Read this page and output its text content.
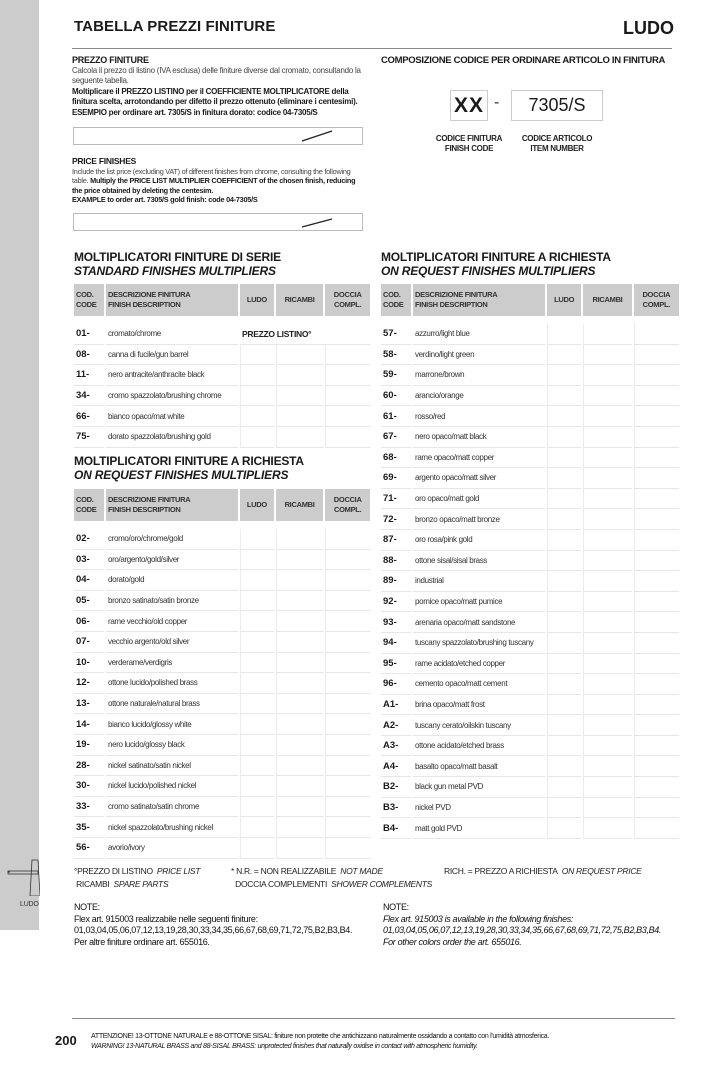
LUDO
TABELLA PREZZI FINITURE	LUDO
PREZZO FINITURE
Calcola il prezzo di listino (IVA esclusa) delle finiture diverse dal cromato, consultando la seguente tabella.
Moltiplicare il PREZZO LISTINO per il COEFFICIENTE MOLTIPLICATORE della finitura scelta, arrotondando per difetto il prezzo ottenuto (eliminare i centesimi).
ESEMPIO per ordinare art. 7305/S in finitura dorato: codice 04-7305/S
PRICE FINISHES
Include the list price (excluding VAT) of different finishes from chrome, consulting the following table. Multiply the PRICE LIST MULTIPLIER COEFFICIENT of the chosen finish, reducing the price obtained by deleting the centesim.
EXAMPLE to order art. 7305/S gold finish: code 04-7305/S
COMPOSIZIONE CODICE PER ORDINARE ARTICOLO IN FINITURA
XX -	7305/S
CODICE FINITURA
FINISH CODE
CODICE ARTICOLO
ITEM NUMBER
MOLTIPLICATORI FINITURE DI SERIE
STANDARD FINISHES MULTIPLIERS
MOLTIPLICATORI FINITURE A RICHIESTA
ON REQUEST FINISHES MULTIPLIERS
MOLTIPLICATORI FINITURE A RICHIESTA
ON REQUEST FINISHES MULTIPLIERS
COD.
CODE

DESCRIZIONE FINITURA
FINISH DESCRIPTION

LUDO	RICAMBI

DOCCIA
COMPL.

01-	cromato/chrome	PREZZO LISTINO°		
08-	canna di fucile/gun barrel			
11-	nero antracite/anthracite black			
34-	cromo spazzolato/brushing chrome			
66-	bianco opaco/mat white			
75-	dorato spazzolato/brushing gold			
COD.
CODE

DESCRIZIONE FINITURA
FINISH DESCRIPTION

LUDO	RICAMBI

DOCCIA
COMPL.

02-	cromo/oro/chrome/gold			
03-	oro/argento/gold/silver			
04-	dorato/gold			
05-	bronzo satinato/satin bronze			
06-	rame vecchio/old copper			
07-	vecchio argento/old silver			
10-	verderame/verdigris			
12-	ottone lucido/polished brass			
13-	ottone naturale/natural brass			
14-	bianco lucido/glossy white			
19-	nero lucido/glossy black			
28-	nickel satinato/satin nickel			
30-	nickel lucido/polished nickel			
33-	cromo satinato/satin chrome			
35-	nickel spazzolato/brushing nickel			
56-	avorio/ivory			
COD.
CODE

DESCRIZIONE FINITURA
FINISH DESCRIPTION

LUDO	RICAMBI

DOCCIA
COMPL.

57-	azzurro/light blue			
58-	verdino/light green			
59-	marrone/brown			
60-	arancio/orange			
61-	rosso/red			
67-	nero opaco/matt black			
68-	rame opaco/matt copper			
69-	argento opaco/matt silver			
71-	oro opaco/matt gold			
72-	bronzo opaco/matt bronze			
87-	oro rosa/pink gold			
88-	ottone sisal/sisal brass			
89-	industrial			
92-	pomice opaco/matt pumice			
93-	arenaria opaco/matt sandstone			
94-	tuscany spazzolato/brushing tuscany			
95-	rame acidato/etched copper			
96-	cemento opaco/matt cement			
A1-	brina opaco/matt frost			
A2-	tuscany cerato/oilskin tuscany			
A3-	ottone acidato/etched brass			
A4-	basalto opaco/matt basalt			
B2-	black gun metal PVD			
B3-	nickel PVD			
B4-	matt gold PVD			
°PREZZO DI LISTINO PRICE LIST
RICAMBI SPARE PARTS
* N.R. = NON REALIZZABILE NOT MADE
DOCCIA COMPLEMENTI SHOWER COMPLEMENTS
RICH. = PREZZO A RICHIESTA ON REQUEST PRICE
NOTE:
Flex art. 915003 realizzabile nelle seguenti finiture:
01,03,04,05,06,07,12,13,19,28,30,33,34,35,66,67,68,69,71,72,75,B2,B3,B4.
Per altre finiture ordinare art. 655016.
NOTE:
Flex art. 915003 is available in the following finishes:
01,03,04,05,06,07,12,13,19,28,30,33,34,35,66,67,68,69,71,72,75,B2,B3,B4.
For other colors order the art. 655016.
200 ATTENZIONE! 13-OTTONE NATURALE e 88-OTTONE SISAL: finiture non protette che antichizzano naturalmente ossidando a contatto con l'umidità atmosferica.
WARNING! 13-NATURAL BRASS and 88-SISAL BRASS: unprotected finishes that naturally oxidise in contact with atmospheric humidity.
